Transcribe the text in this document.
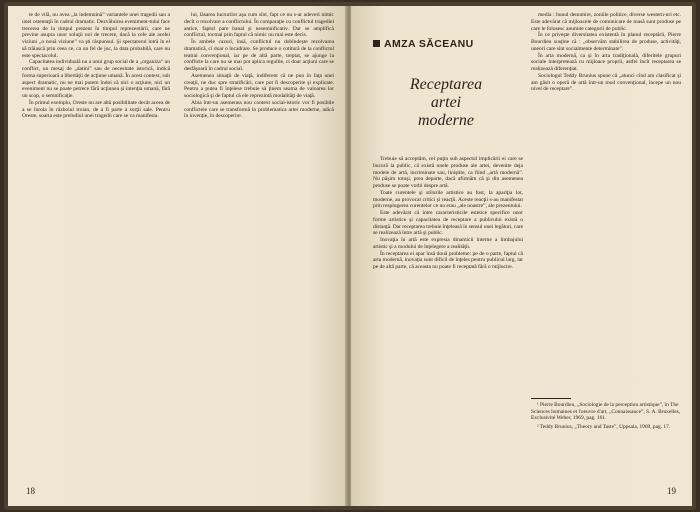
te de vilă, nu avea „la indemnină” variantele unei tragedii sau a unei ostentaţii în cadrul dramatic. Dezvăluirea eveniment-tului face trecerea de la timpul prezent în timpul reprezentării, care ne previne asupra unor soluţii noi de trecere, dacă la cele ale acelei viziuni „o nouă viziune” va şti răspunsul. Şi spectatorul intră în el să trăiască prin ceea ce, ca un fel de joc, la data probabilă, care nu este spectacolul.

Capacitatea individuală nu a unui grup social de a „organiza” un conflict, un mesaj de „datini” sau de necesitate istorică, indică forma superioară a libertăţii de acţiune umană. În acest context, sub aspect dramatic, nu ne mai putem îndoi că nici o acţiune, nici un eveniment nu se poate petrece fără acţiunea şi intenţia umană, fără un scop, o semnificaţie.

În primul exemplu, Oreste nu are altă posibilitate decât aceea de a se înrola în războiul troian, de a fi parte a sorţii sale. Pentru Oreste, soarta este preludiul unei tragedii care se va manifesta.

lui, lăsarea lucrurilor aşa cum sînt, fapt ce nu s-ar adeveri nimic decît o rezolvare a conflictului. În comparaţie cu conflictul tragediei antice, faptul pare banal şi nesemnificativ. Dar se amplifică conflictul, tocmai prin faptul că nimic nu mai este decis.

În ambele cazuri, însă, conflictul nu dobîndeşte rezolvarea dramatică, ci doar o încadrare. Se produce o cotitură de la conflictul teatral convenţional, iar pe de altă parte, treptat, se ajunge la conflicte la care nu se mai pot aplica regulile, ci doar acţiuni care se desfăşoară în cadrul social.

Asemenea situaţii de viaţă, indiferent că ne pun în faţa unei creaţii, ne duc spre stratificări, care pot fi descoperite şi explicate. Pentru a putea fi înţelese trebuie să ţinem seama de valoarea lor sociologică şi de faptul că ele reprezintă modalităţi de viaţă.

Abia într-un asemenea nou context social-istoric vor fi posibile conflictele care se transformă în problematica artei moderne, adică în invenţie, în descoperire.

18
AMZA SĂCEANU
Receptarea
artei moderne

Trebuie să acceptăm, cel puţin sub aspectul implicării ei care se bucură la public, că există unele produse ale artei, devenite deja modele de artă, incriminate sau, liniştite, ca fiind „artă modernă”. Nu păşim totuşi, prea departe, dacă afirmăm că şi din asemenea produse se poate vorbi despre artă.

Toate curentele şi stilurile artistice au fost, la apariţia lor, moderne, au provocat critici şi reacţii. Aceste reacţii s-au manifestat prin respingerea curentelor ce nu erau „ale noastre”, ale prezentului.

Este adevărat că între caracteristicile estetice specifice unor forme artistice şi capacitatea de receptare a publicului există o distanţă. Dar receptarea trebuie înţeleasă în sensul unei legături, care se realizează între artă şi public.

Inovaţia în artă este expresia dinamicii interne a limbajului artistic şi a modului de înţelegere a realităţii.

În receptarea ei apar însă două probleme: pe de o parte, faptul că arta modernă, inovaţia sunt dificil de înţeles pentru publicul larg, iar pe de altă parte, că aceasta nu poate fi receptată fără o mijlocire.

media : bunul denumire, zoniile politice, diverse western-uri etc. Este adevărat că mijloacele de comunicare de masă sunt produse pe care le folosesc anumite categorii de public.

În ce priveşte diversitatea existentă în planul receptării, Pierre Bourdieu susţine că : „observăm stabilirea de produse, activităţi, uneori care sînt socialmente determinate”.

În arta modernă, ca şi în arta tradiţională, diferitele grupuri sociale interpretează cu mijloace proprii, astfel încît receptarea se realizează diferenţiat.

Sociologul Teddy Brunius spune că „atunci cînd am clasificat şi am găsit o operă de artă într-un mod convenţional, începe un nou nivel de receptare”.

¹ Pierre Bourdieu, „Sociologie de la perception artistique”, în The Sciences humaines et l'oeuvre d'art, „Connaissance”, S. A. Bruxelles, Exclusivité Weber, 1969, pag. 161.

² Teddy Brunius, „Theory and Taste”, Uppsala, 1969, pag. 17.

19
